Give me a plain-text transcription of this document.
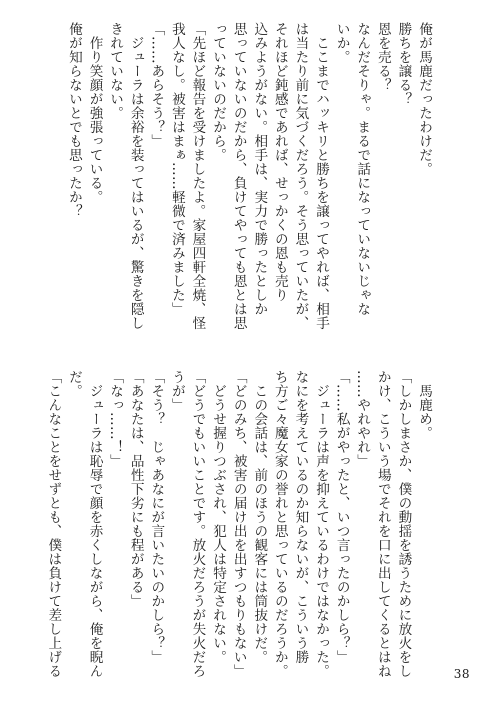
俺が馬鹿だったわけだ。
勝ちを譲る？
恩を売る？
なんだそりゃ。まるで話になっていないじゃな
いか。
　ここまでハッキリと勝ちを譲ってやれば、相手
は当たり前に気づくだろう。そう思っていたが、
それほど鈍感であれば、せっかくの恩も売り
込みようがない。相手は、実力で勝ったとしか
思っていないのだから、負けてやっても恩とは思
っていないのだから。
「先ほど報告を受けましたよ。家屋四軒全焼、怪
我人なし。被害はまぁ……軽微で済みました」
「……あらそう？」
　ジューラは余裕を装ってはいるが、驚きを隠し
きれていない。
　作り笑顔が強張っている。
俺が知らないとでも思ったか？
　馬鹿め。
「しかしまさか、僕の動揺を誘うために放火をし
かけ、こういう場でそれを口に出してくるとはね
……やれやれ」
「……私がやったと、いつ言ったのかしら？」
　ジューラは声を抑えているわけではなかった。
なにを考えているのか知らないが、こういう勝
ち方ご々魔女家の誉れと思っているのだろうか。
　この会話は、前のほうの観客には筒抜けだ。
「どのみち、被害の届け出を出すつもりもない」
　どうせ握りつぶされ、犯人は特定されない。
「どうでもいいことです。放火だろうが失火だろ
うが」
「そう？　じゃあなにが言いたいのかしら？」
「あなたは、品性下劣にも程がある」
「なっ……！」
　ジューラは恥辱で顔を赤くしながら、俺を睨ん
だ。
「こんなことをせずとも、僕は負けて差し上げる	38
